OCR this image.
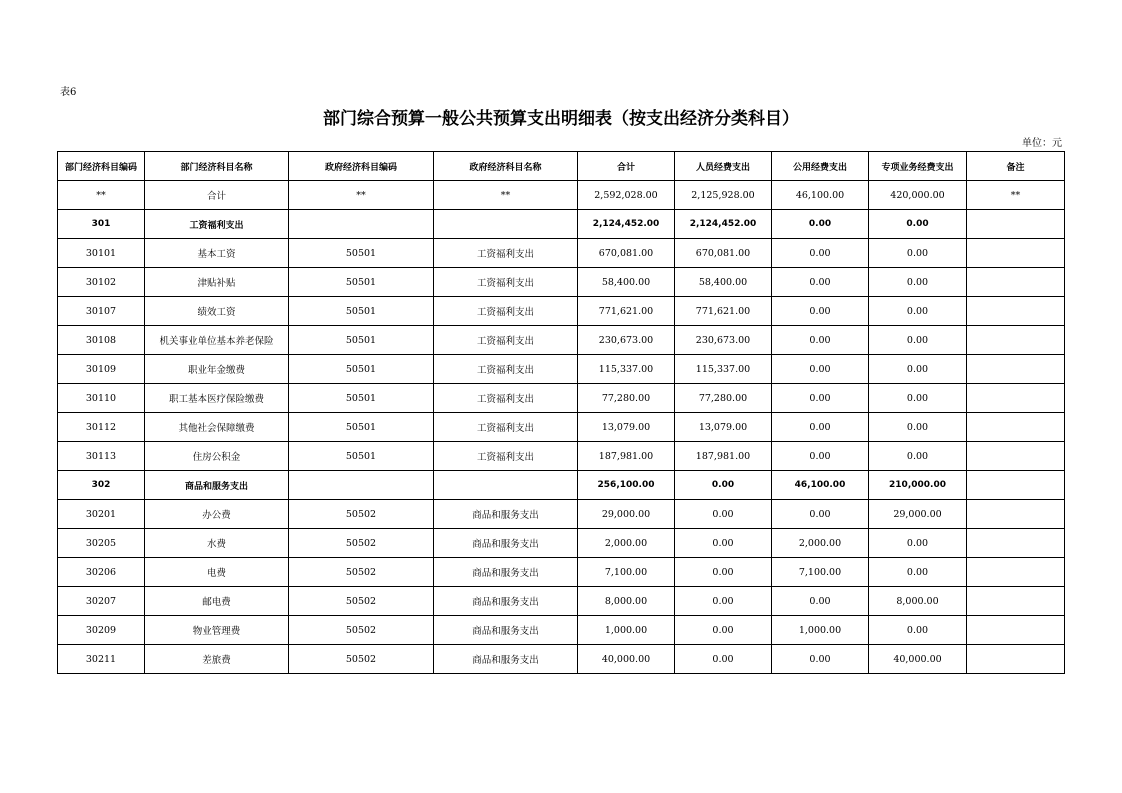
表6
部门综合预算一般公共预算支出明细表（按支出经济分类科目）
单位：元
部门经济科目编码	部门经济科目名称	政府经济科目编码	政府经济科目名称	合计	人员经费支出	公用经费支出	专项业务经费支出	备注
**	合计	**	**	2,592,028.00	2,125,928.00	46,100.00	420,000.00	**
301	工资福利支出			2,124,452.00	2,124,452.00	0.00	0.00	
30101	基本工资	50501	工资福利支出	670,081.00	670,081.00	0.00	0.00	
30102	津贴补贴	50501	工资福利支出	58,400.00	58,400.00	0.00	0.00	
30107	绩效工资	50501	工资福利支出	771,621.00	771,621.00	0.00	0.00	
30108	机关事业单位基本养老保险	50501	工资福利支出	230,673.00	230,673.00	0.00	0.00	
30109	职业年金缴费	50501	工资福利支出	115,337.00	115,337.00	0.00	0.00	
30110	职工基本医疗保险缴费	50501	工资福利支出	77,280.00	77,280.00	0.00	0.00	
30112	其他社会保障缴费	50501	工资福利支出	13,079.00	13,079.00	0.00	0.00	
30113	住房公积金	50501	工资福利支出	187,981.00	187,981.00	0.00	0.00	
302	商品和服务支出			256,100.00	0.00	46,100.00	210,000.00	
30201	办公费	50502	商品和服务支出	29,000.00	0.00	0.00	29,000.00	
30205	水费	50502	商品和服务支出	2,000.00	0.00	2,000.00	0.00	
30206	电费	50502	商品和服务支出	7,100.00	0.00	7,100.00	0.00	
30207	邮电费	50502	商品和服务支出	8,000.00	0.00	0.00	8,000.00	
30209	物业管理费	50502	商品和服务支出	1,000.00	0.00	1,000.00	0.00	
30211	差旅费	50502	商品和服务支出	40,000.00	0.00	0.00	40,000.00	
